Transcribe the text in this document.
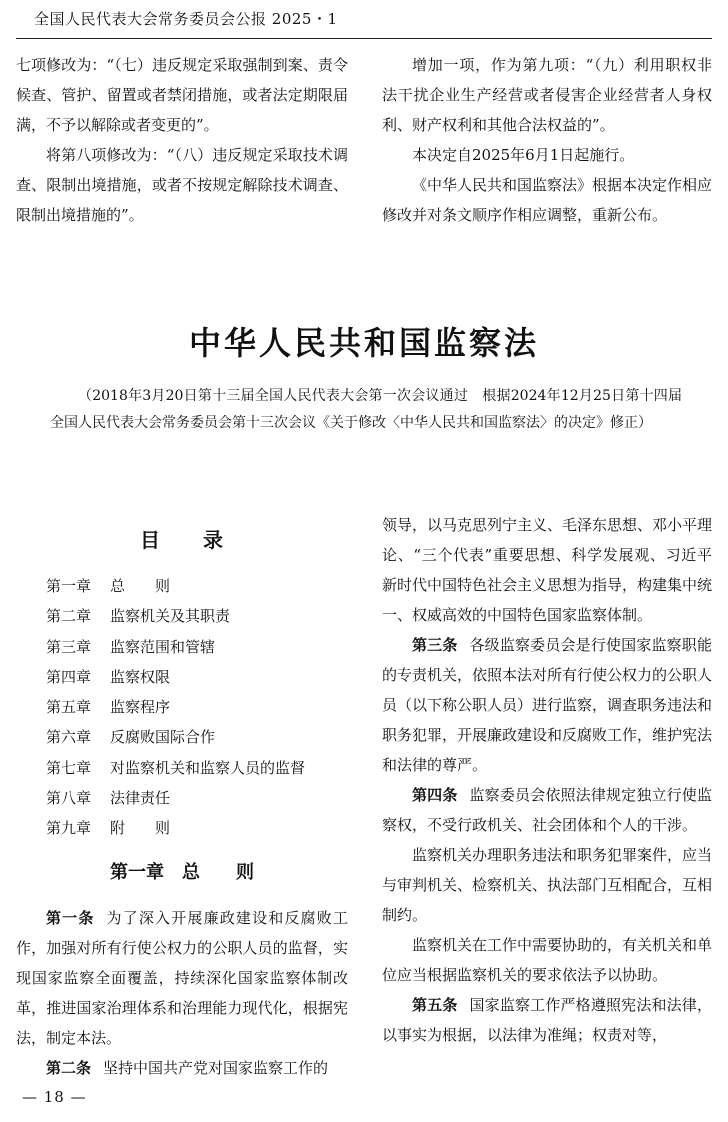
全国人民代表大会常务委员会公报 2025・1

七项修改为：“（七）违反规定采取强制到案、责令候查、管护、留置或者禁闭措施，或者法定期限届满，不予以解除或者变更的”。

将第八项修改为：“（八）违反规定采取技术调查、限制出境措施，或者不按规定解除技术调查、限制出境措施的”。

增加一项，作为第九项：“（九）利用职权非法干扰企业生产经营或者侵害企业经营者人身权利、财产权利和其他合法权益的”。

本决定自2025年6月1日起施行。

《中华人民共和国监察法》根据本决定作相应修改并对条文顺序作相应调整，重新公布。

中华人民共和国监察法

（2018年3月20日第十三届全国人民代表大会第一次会议通过　根据2024年12月25日第十四届全国人民代表大会常务委员会第十三次会议《关于修改〈中华人民共和国监察法〉的决定》修正）

目　　录
第一章 总　　则
第二章 监察机关及其职责
第三章 监察范围和管辖
第四章 监察权限
第五章 监察程序
第六章 反腐败国际合作
第七章 对监察机关和监察人员的监督
第八章 法律责任
第九章 附　　则
第一章　总　　则

第一条 为了深入开展廉政建设和反腐败工作，加强对所有行使公权力的公职人员的监督，实现国家监察全面覆盖，持续深化国家监察体制改革，推进国家治理体系和治理能力现代化，根据宪法，制定本法。

第二条 坚持中国共产党对国家监察工作的

领导，以马克思列宁主义、毛泽东思想、邓小平理论、“三个代表”重要思想、科学发展观、习近平新时代中国特色社会主义思想为指导，构建集中统一、权威高效的中国特色国家监察体制。

第三条 各级监察委员会是行使国家监察职能的专责机关，依照本法对所有行使公权力的公职人员（以下称公职人员）进行监察，调查职务违法和职务犯罪，开展廉政建设和反腐败工作，维护宪法和法律的尊严。

第四条 监察委员会依照法律规定独立行使监察权，不受行政机关、社会团体和个人的干涉。

监察机关办理职务违法和职务犯罪案件，应当与审判机关、检察机关、执法部门互相配合，互相制约。

监察机关在工作中需要协助的，有关机关和单位应当根据监察机关的要求依法予以协助。

第五条 国家监察工作严格遵照宪法和法律，以事实为根据，以法律为准绳；权责对等，

— 18 —
